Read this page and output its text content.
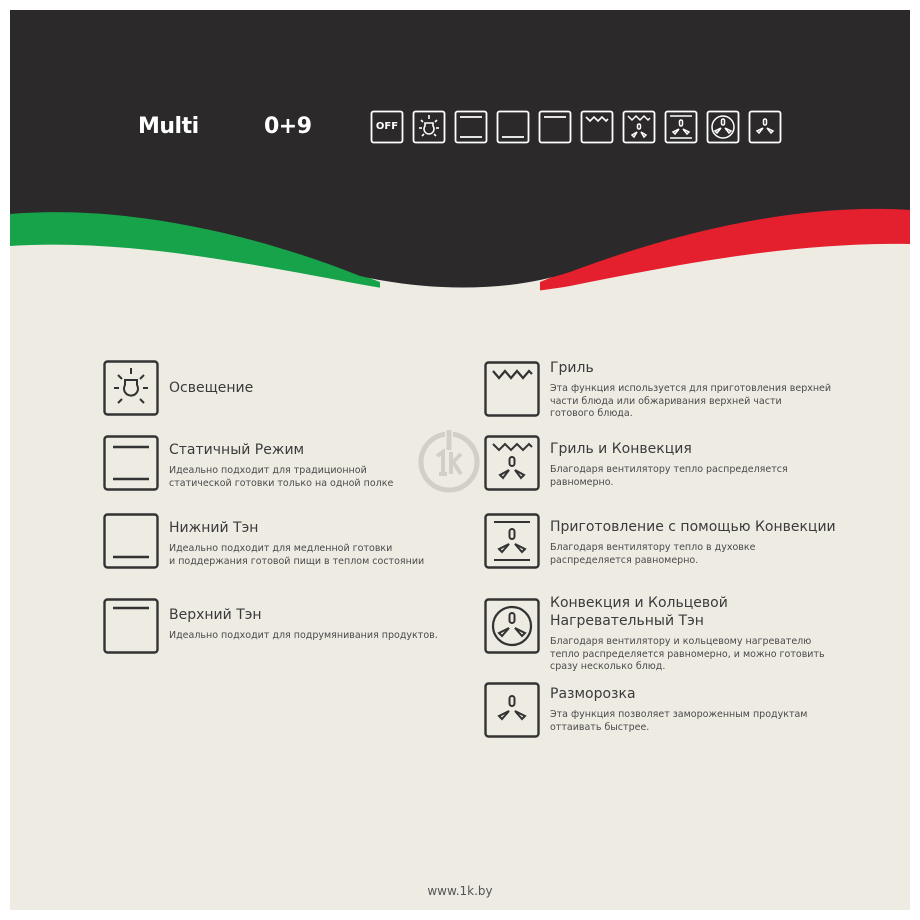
Multi	0+9	OFF

Освещение

Статичный Режим

Идеально подходит для традиционной
статической готовки только на одной полке

Нижний Тэн

Идеально подходит для медленной готовки
и поддержания готовой пищи в теплом состоянии

Верхний Тэн

Идеально подходит для подрумянивания продуктов.

Гриль

Эта функция используется для приготовления верхней
части блюда или обжаривания верхней части
готового блюда.

Гриль и Конвекция

Благодаря вентилятору тепло распределяется
равномерно.

Приготовление с помощью Конвекции

Благодаря вентилятору тепло в духовке
распределяется равномерно.

Конвекция и Кольцевой
Нагревательный Тэн

Благодаря вентилятору и кольцевому нагревателю
тепло распределяется равномерно, и можно готовить
сразу несколько блюд.

Разморозка

Эта функция позволяет замороженным продуктам
оттаивать быстрее.

www.1k.by
